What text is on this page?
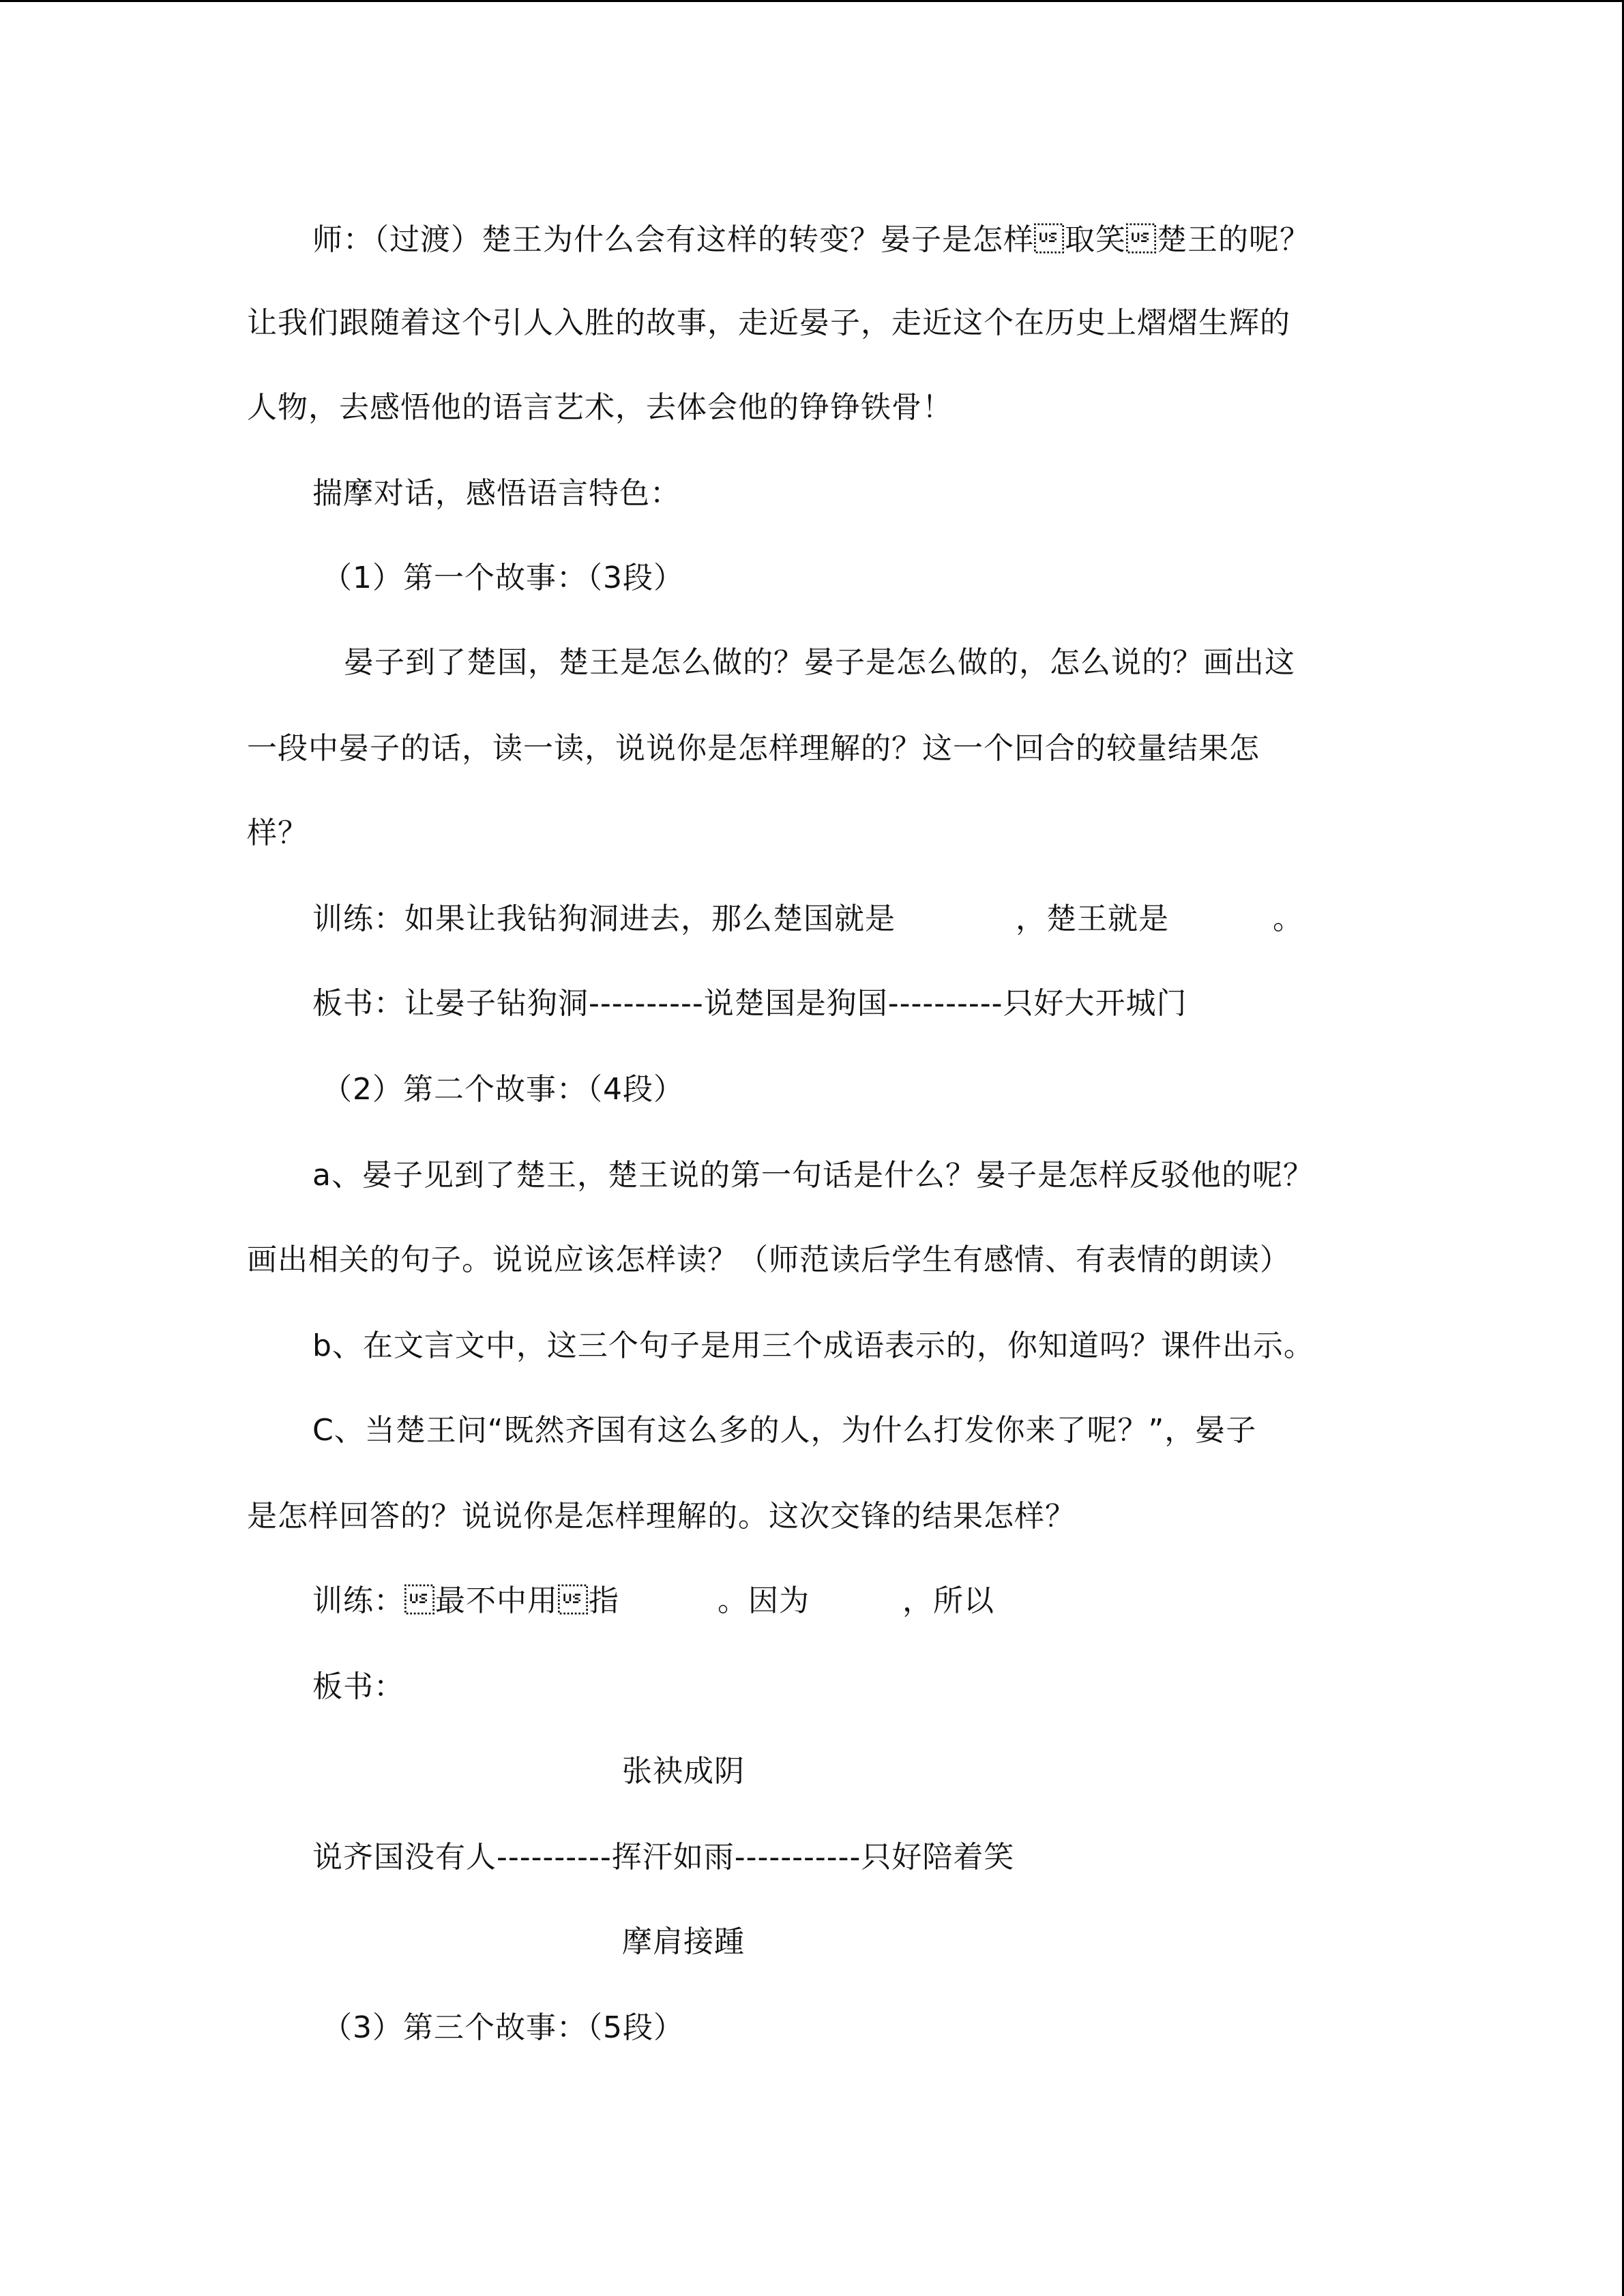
师：（过渡）楚王为什么会有这样的转变？晏子是怎样取笑楚王的呢？
让我们跟随着这个引人入胜的故事，走近晏子，走近这个在历史上熠熠生辉的
人物，去感悟他的语言艺术，去体会他的铮铮铁骨！
揣摩对话，感悟语言特色：
（1）第一个故事：（3段）
晏子到了楚国，楚王是怎么做的？晏子是怎么做的，怎么说的？画出这
一段中晏子的话，读一读，说说你是怎样理解的？这一个回合的较量结果怎
样？
训练：如果让我钻狗洞进去，那么楚国就是	，楚王就是	。
板书：让晏子钻狗洞----------说楚国是狗国----------只好大开城门
（2）第二个故事：（4段）
a、晏子见到了楚王，楚王说的第一句话是什么？晏子是怎样反驳他的呢？
画出相关的句子。说说应该怎样读？（师范读后学生有感情、有表情的朗读）
b、在文言文中，这三个句子是用三个成语表示的，你知道吗？课件出示。
C、当楚王问“既然齐国有这么多的人，为什么打发你来了呢？”，晏子
是怎样回答的？说说你是怎样理解的。这次交锋的结果怎样？
训练：最不中用指	。因为	，所以
板书：
张袂成阴
说齐国没有人----------挥汗如雨-----------只好陪着笑
摩肩接踵
（3）第三个故事：（5段）
